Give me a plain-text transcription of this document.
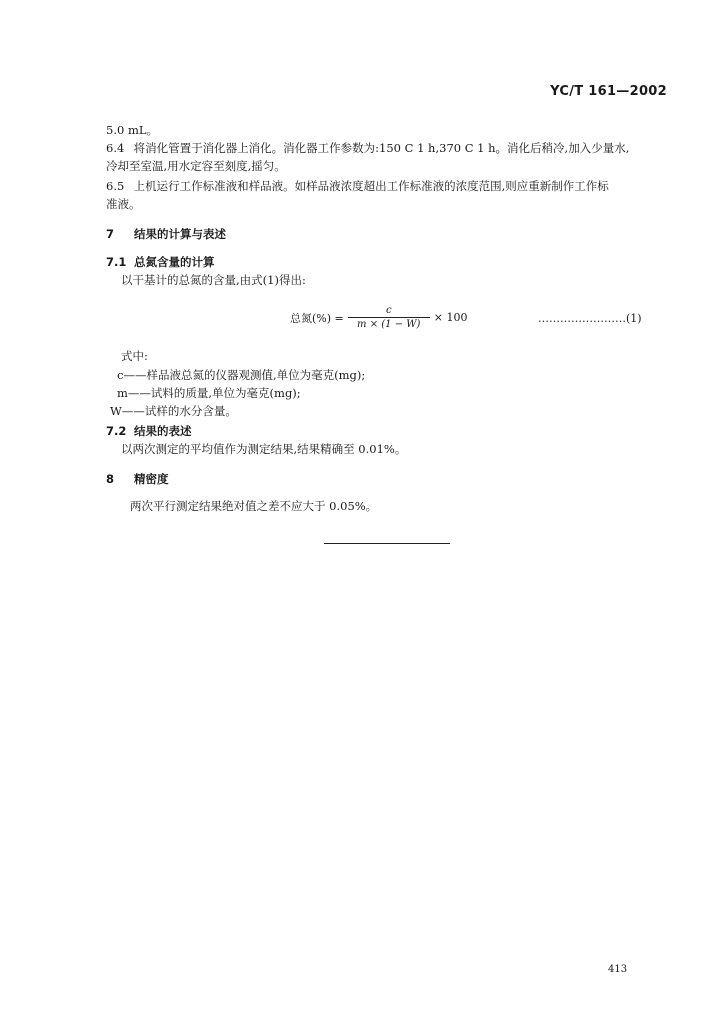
YC/T 161—2002
5.0 mL。
6.4 将消化管置于消化器上消化。消化器工作参数为:150 C 1 h,370 C 1 h。消化后稍冷,加入少量水,
冷却至室温,用水定容至刻度,摇匀。
6.5 上机运行工作标准液和样品液。如样品液浓度超出工作标准液的浓度范围,则应重新制作工作标
准液。
7 结果的计算与表述
7.1 总氮含量的计算
以干基计的总氮的含量,由式(1)得出:
总氮(%) = $\frac{c}{m \times (1 - W)} \times 100$	……………………(1)
式中:
c——样品液总氮的仪器观测值,单位为毫克(mg);
m——试料的质量,单位为毫克(mg);
W——试样的水分含量。
7.2 结果的表述
以两次测定的平均值作为测定结果,结果精确至 0.01%。
8 精密度
两次平行测定结果绝对值之差不应大于 0.05%。
413
